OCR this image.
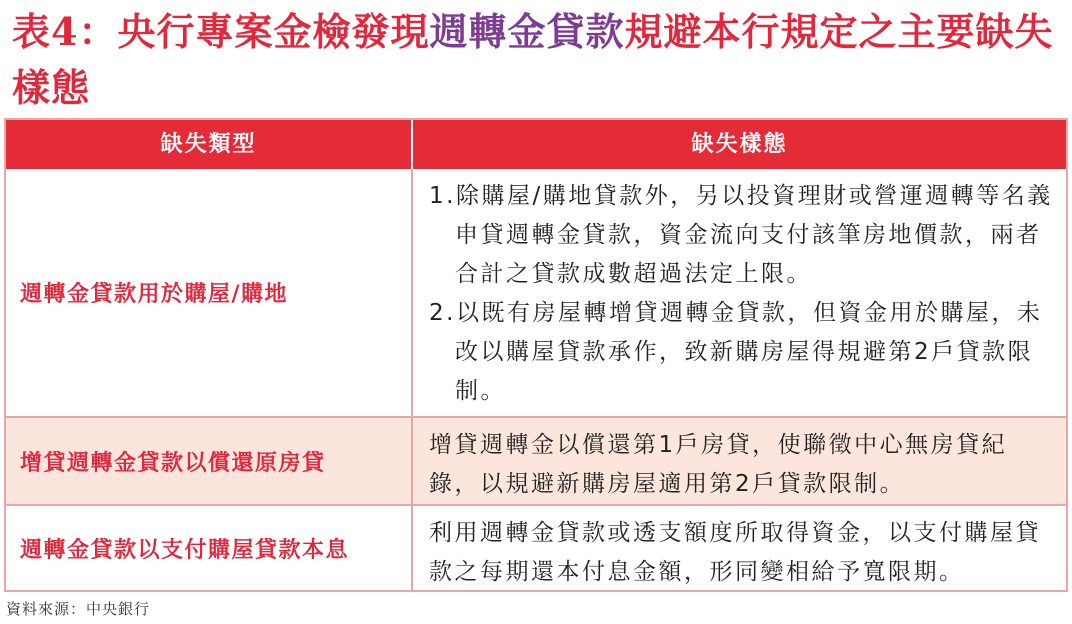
表4：央行專案金檢發現週轉金貸款規避本行規定之主要缺失樣態
缺失類型	缺失樣態
週轉金貸款用於購屋/購地
1.除購屋/購地貸款外，另以投資理財或營運週轉等名義申貸週轉金貸款，資金流向支付該筆房地價款，兩者合計之貸款成數超過法定上限。
2.以既有房屋轉增貸週轉金貸款，但資金用於購屋，未改以購屋貸款承作，致新購房屋得規避第2戶貸款限制。
增貸週轉金貸款以償還原房貸
增貸週轉金以償還第1戶房貸，使聯徵中心無房貸紀錄，以規避新購房屋適用第2戶貸款限制。
週轉金貸款以支付購屋貸款本息
利用週轉金貸款或透支額度所取得資金，以支付購屋貸款之每期還本付息金額，形同變相給予寬限期。
資料來源：中央銀行
